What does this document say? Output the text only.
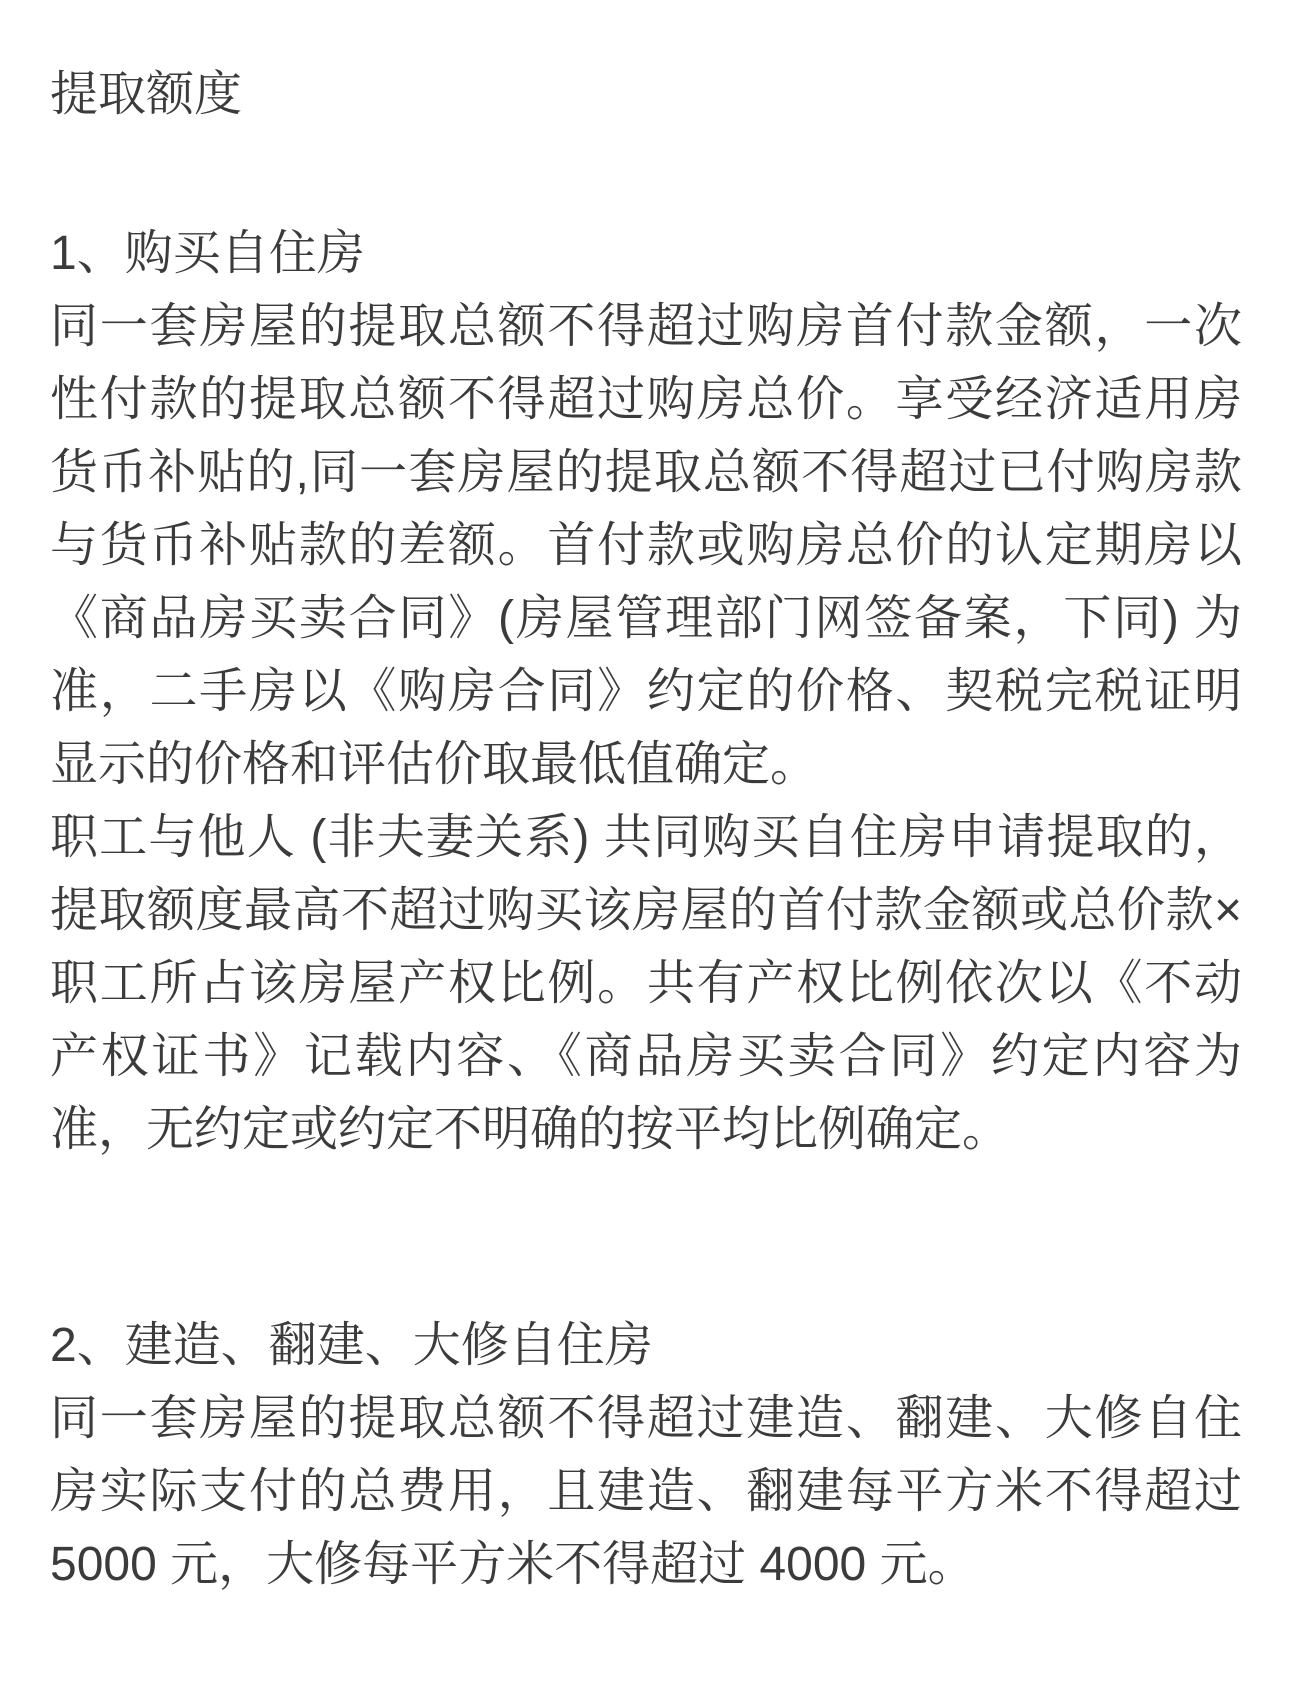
提取额度

1、购买自住房

同一套房屋的提取总额不得超过购房首付款金额，一次性付款的提取总额不得超过购房总价。享受经济适用房货币补贴的,同一套房屋的提取总额不得超过已付购房款与货币补贴款的差额。首付款或购房总价的认定期房以《商品房买卖合同》(房屋管理部门网签备案，下同) 为准，二手房以《购房合同》约定的价格、契税完税证明显示的价格和评估价取最低值确定。

职工与他人 (非夫妻关系) 共同购买自住房申请提取的，提取额度最高不超过购买该房屋的首付款金额或总价款×职工所占该房屋产权比例。共有产权比例依次以《不动产权证书》记载内容、《商品房买卖合同》约定内容为准，无约定或约定不明确的按平均比例确定。

2、建造、翻建、大修自住房

同一套房屋的提取总额不得超过建造、翻建、大修自住房实际支付的总费用，且建造、翻建每平方米不得超过 5000 元，大修每平方米不得超过 4000 元。
